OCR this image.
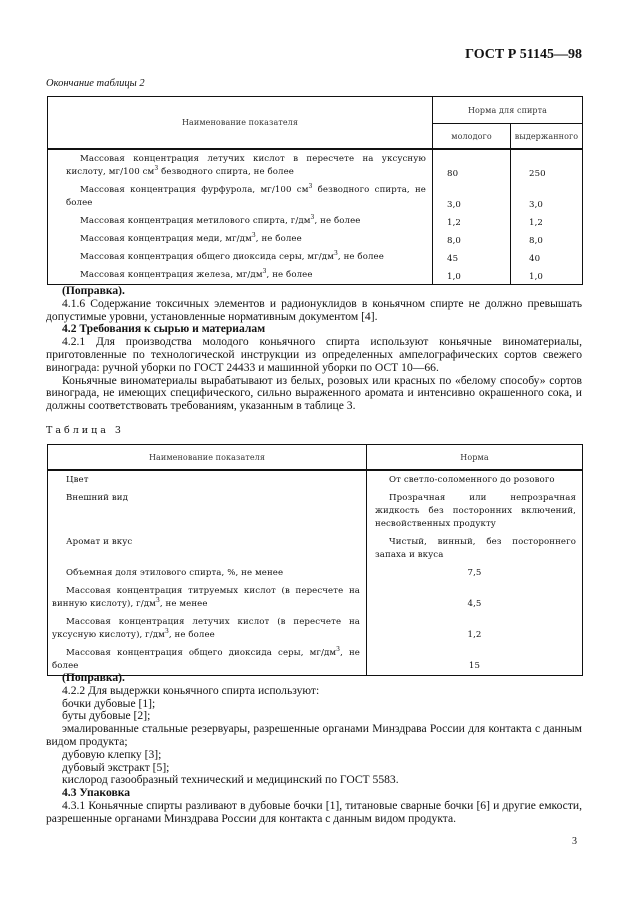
ГОСТ Р 51145—98
Окончание таблицы 2
Наименование показателя	Норма для спирта	
	молодого	выдержанного

Массовая концентрация летучих кислот в пересчете на уксусную кислоту, мг/100 $см^3$ безводного спирта, не более	80	250

Массовая концентрация фурфурола, мг/100 $см^3$ безводного спирта, не более	3,0	3,0

Массовая концентрация метилового спирта, $г/дм^3$, не более	1,2	1,2

Массовая концентрация меди, $мг/дм^3$, не более	8,0	8,0

Массовая концентрация общего диоксида серы, $мг/дм^3$, не более	45	40

Массовая концентрация железа, $мг/дм^3$, не более	1,0	1,0

(Поправка).

4.1.6 Содержание токсичных элементов и радионуклидов в коньячном спирте не должно превышать допустимые уровни, установленные нормативным документом [4].

4.2 Требования к сырью и материалам

4.2.1 Для производства молодого коньячного спирта используют коньячные виноматериалы, приготовленные по технологической инструкции из определенных ампелографических сортов свежего винограда: ручной уборки по ГОСТ 24433 и машинной уборки по ОСТ 10—66.

Коньячные виноматериалы вырабатывают из белых, розовых или красных по «белому способу» сортов винограда, не имеющих специфического, сильно выраженного аромата и интенсивно окрашенного сока, и должны соответствовать требованиям, указанным в таблице 3.

Таблица 3
Наименование показателя	Норма

Цвет	От светло-соломенного до розового

Внешний вид	Прозрачная или непрозрачная жидкость без посторонних включений, несвойственных продукту

Аромат и вкус	Чистый, винный, без постороннего запаха и вкуса

Объемная доля этилового спирта, %, не менее	7,5

Массовая концентрация титруемых кислот (в пересчете на винную кислоту), $г/дм^3$, не менее	4,5

Массовая концентрация летучих кислот (в пересчете на уксусную кислоту), $г/дм^3$, не более	1,2

Массовая концентрация общего диоксида серы, $мг/дм^3$, не более	15

(Поправка).

4.2.2 Для выдержки коньячного спирта используют:

бочки дубовые [1];

буты дубовые [2];

эмалированные стальные резервуары, разрешенные органами Минздрава России для контакта с данным видом продукта;

дубовую клепку [3];

дубовый экстракт [5];

кислород газообразный технический и медицинский по ГОСТ 5583.

4.3 Упаковка

4.3.1 Коньячные спирты разливают в дубовые бочки [1], титановые сварные бочки [6] и другие емкости, разрешенные органами Минздрава России для контакта с данным видом продукта.

3
